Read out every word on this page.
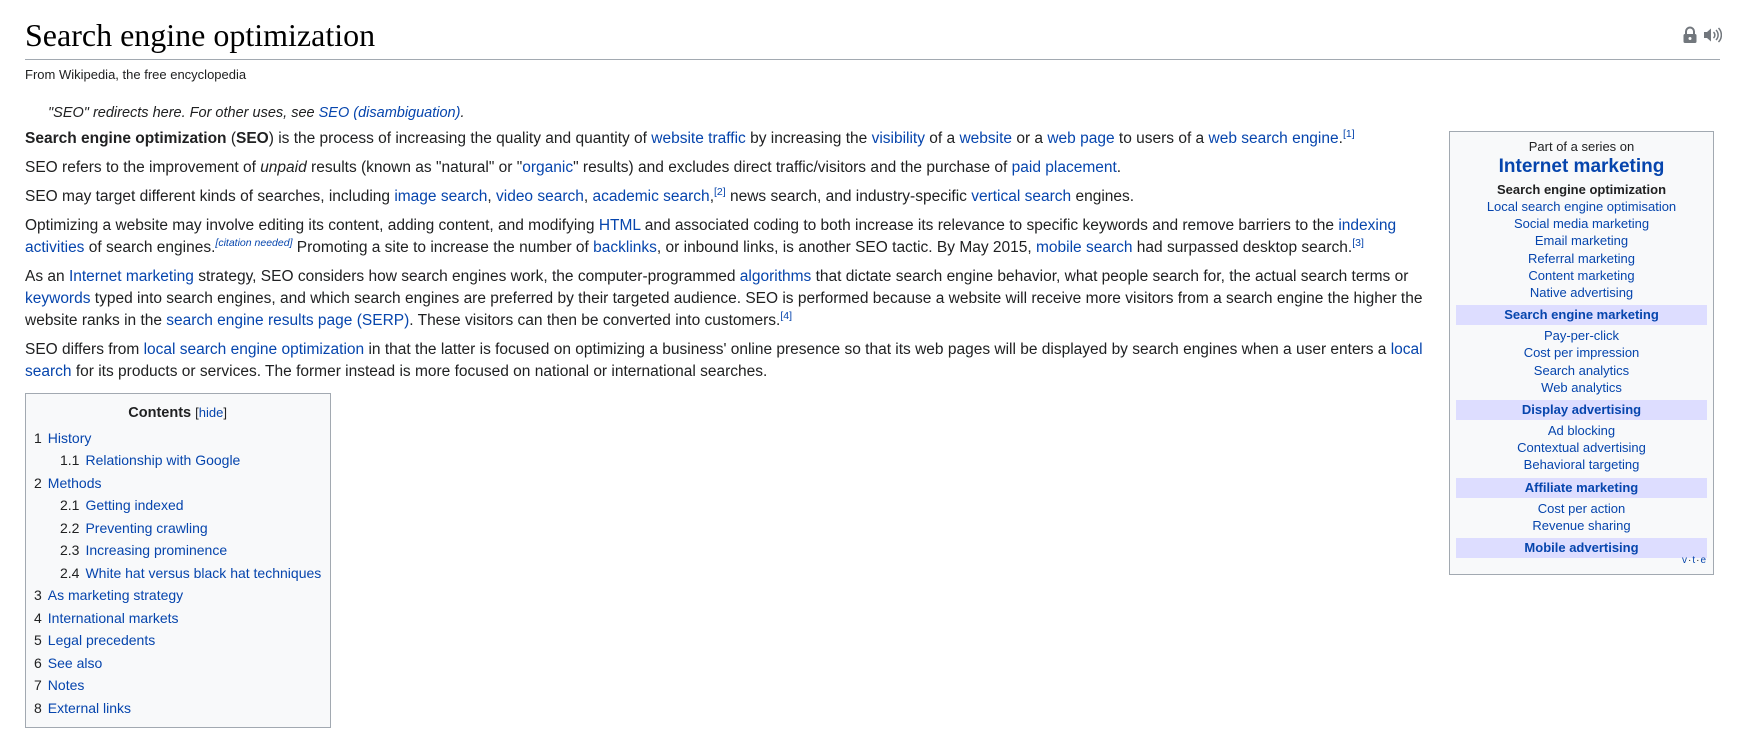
Search engine optimization
From Wikipedia, the free encyclopedia
"SEO" redirects here. For other uses, see SEO (disambiguation).

Search engine optimization (SEO) is the process of increasing the quality and quantity of website traffic by increasing the visibility of a website or a web page to users of a web search engine.[1]

SEO refers to the improvement of unpaid results (known as "natural" or "organic" results) and excludes direct traffic/visitors and the purchase of paid placement.

SEO may target different kinds of searches, including image search, video search, academic search,[2] news search, and industry-specific vertical search engines.

Optimizing a website may involve editing its content, adding content, and modifying HTML and associated coding to both increase its relevance to specific keywords and remove barriers to the indexing activities of search engines.[citation needed] Promoting a site to increase the number of backlinks, or inbound links, is another SEO tactic. By May 2015, mobile search had surpassed desktop search.[3]

As an Internet marketing strategy, SEO considers how search engines work, the computer-programmed algorithms that dictate search engine behavior, what people search for, the actual search terms or keywords typed into search engines, and which search engines are preferred by their targeted audience. SEO is performed because a website will receive more visitors from a search engine the higher the website ranks in the search engine results page (SERP). These visitors can then be converted into customers.[4]

SEO differs from local search engine optimization in that the latter is focused on optimizing a business' online presence so that its web pages will be displayed by search engines when a user enters a local search for its products or services. The former instead is more focused on national or international searches.

Contents [hide]
1 History
1.1 Relationship with Google
2 Methods
2.1 Getting indexed
2.2 Preventing crawling
2.3 Increasing prominence
2.4 White hat versus black hat techniques
3 As marketing strategy
4 International markets
5 Legal precedents
6 See also
7 Notes
8 External links
Part of a series on
Internet marketing
Search engine optimization
Local search engine optimisation
Social media marketing
Email marketing
Referral marketing
Content marketing
Native advertising
Search engine marketing
Pay-per-click
Cost per impression
Search analytics
Web analytics
Display advertising
Ad blocking
Contextual advertising
Behavioral targeting
Affiliate marketing
Cost per action
Revenue sharing
Mobile advertising
v·t·e
